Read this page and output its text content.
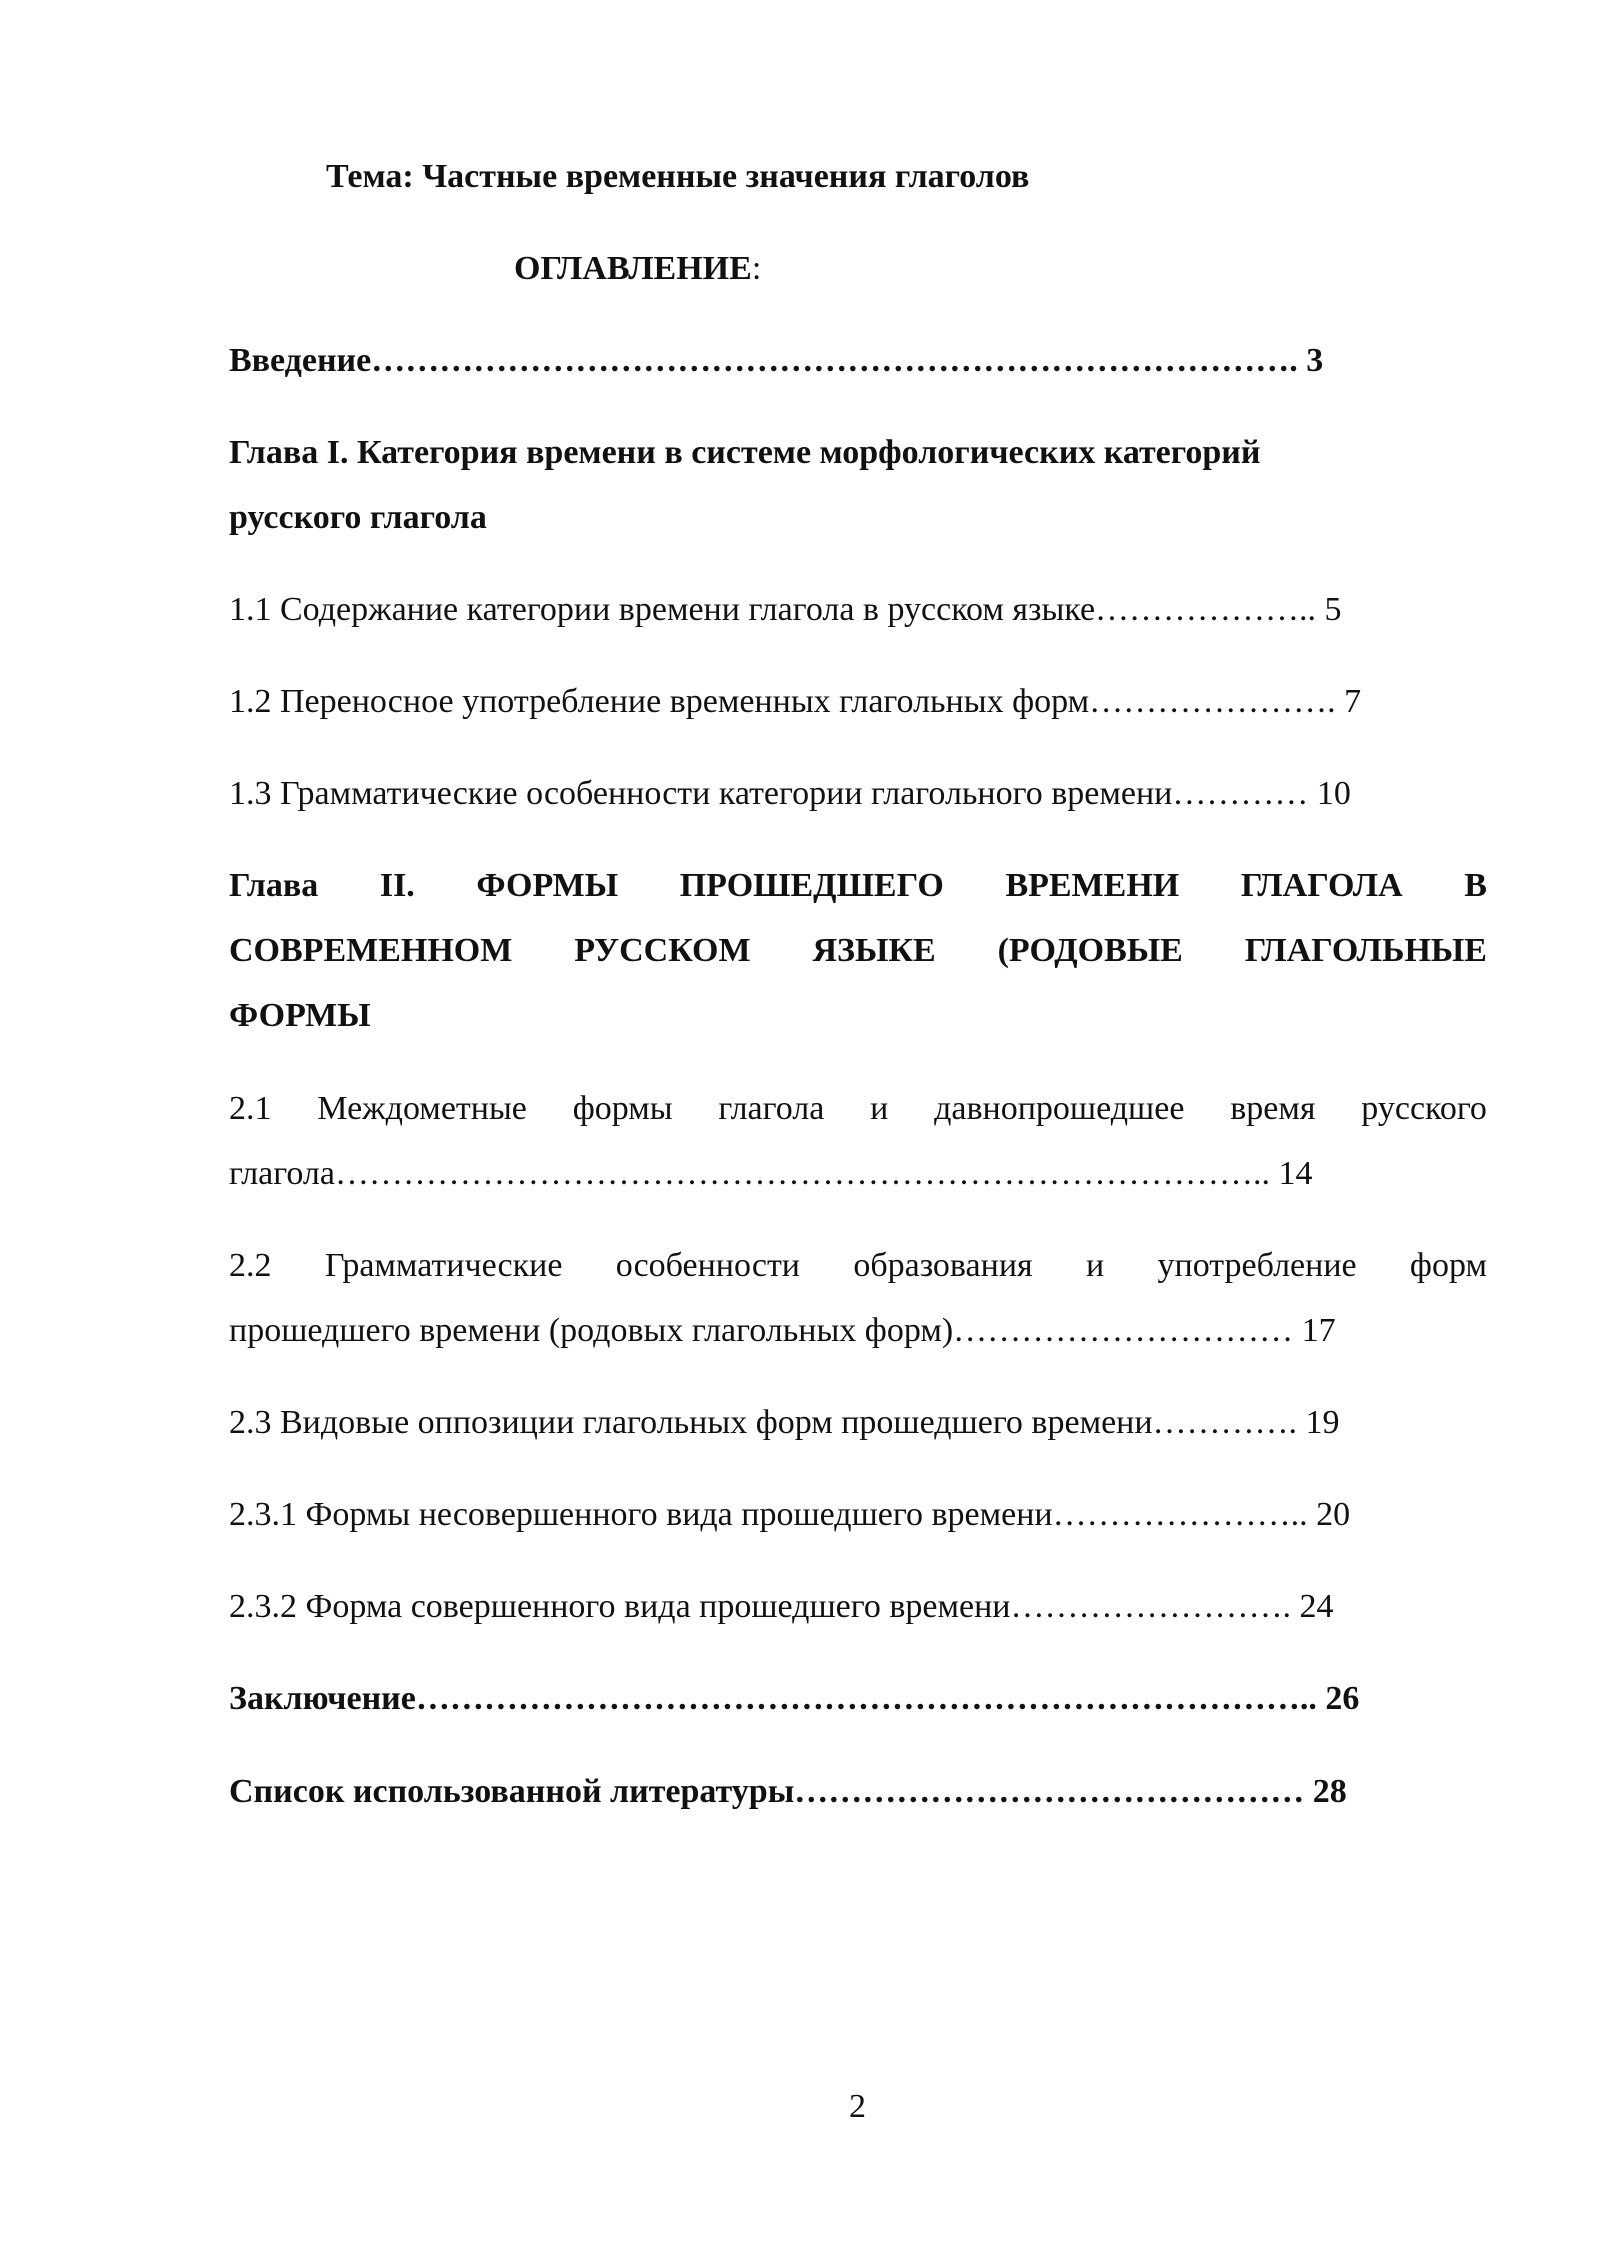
Тема: Частные временные значения глаголов
ОГЛАВЛЕНИЕ:
Введение………………………………………………………………………. 3
Глава I. Категория времени в системе морфологических категорий
русского глагола
1.1 Содержание категории времени глагола в русском языке……………….. 5
1.2 Переносное употребление временных глагольных форм…………………. 7
1.3 Грамматические особенности категории глагольного времени………… 10
Глава II. ФОРМЫ ПРОШЕДШЕГО ВРЕМЕНИ ГЛАГОЛА В
СОВРЕМЕННОМ РУССКОМ ЯЗЫКЕ (РОДОВЫЕ ГЛАГОЛЬНЫЕ
ФОРМЫ
2.1 Междометные формы глагола и давнопрошедшее время русского
глагола……………………………………………………………………….. 14
2.2 Грамматические особенности образования и употребление форм
прошедшего времени (родовых глагольных форм)………………………… 17
2.3 Видовые оппозиции глагольных форм прошедшего времени…………. 19
2.3.1 Формы несовершенного вида прошедшего времени………………….. 20
2.3.2 Форма совершенного вида прошедшего времени……………………. 24
Заключение…………………………………………………………………….. 26
Список использованной литературы……………………………………… 28
2
